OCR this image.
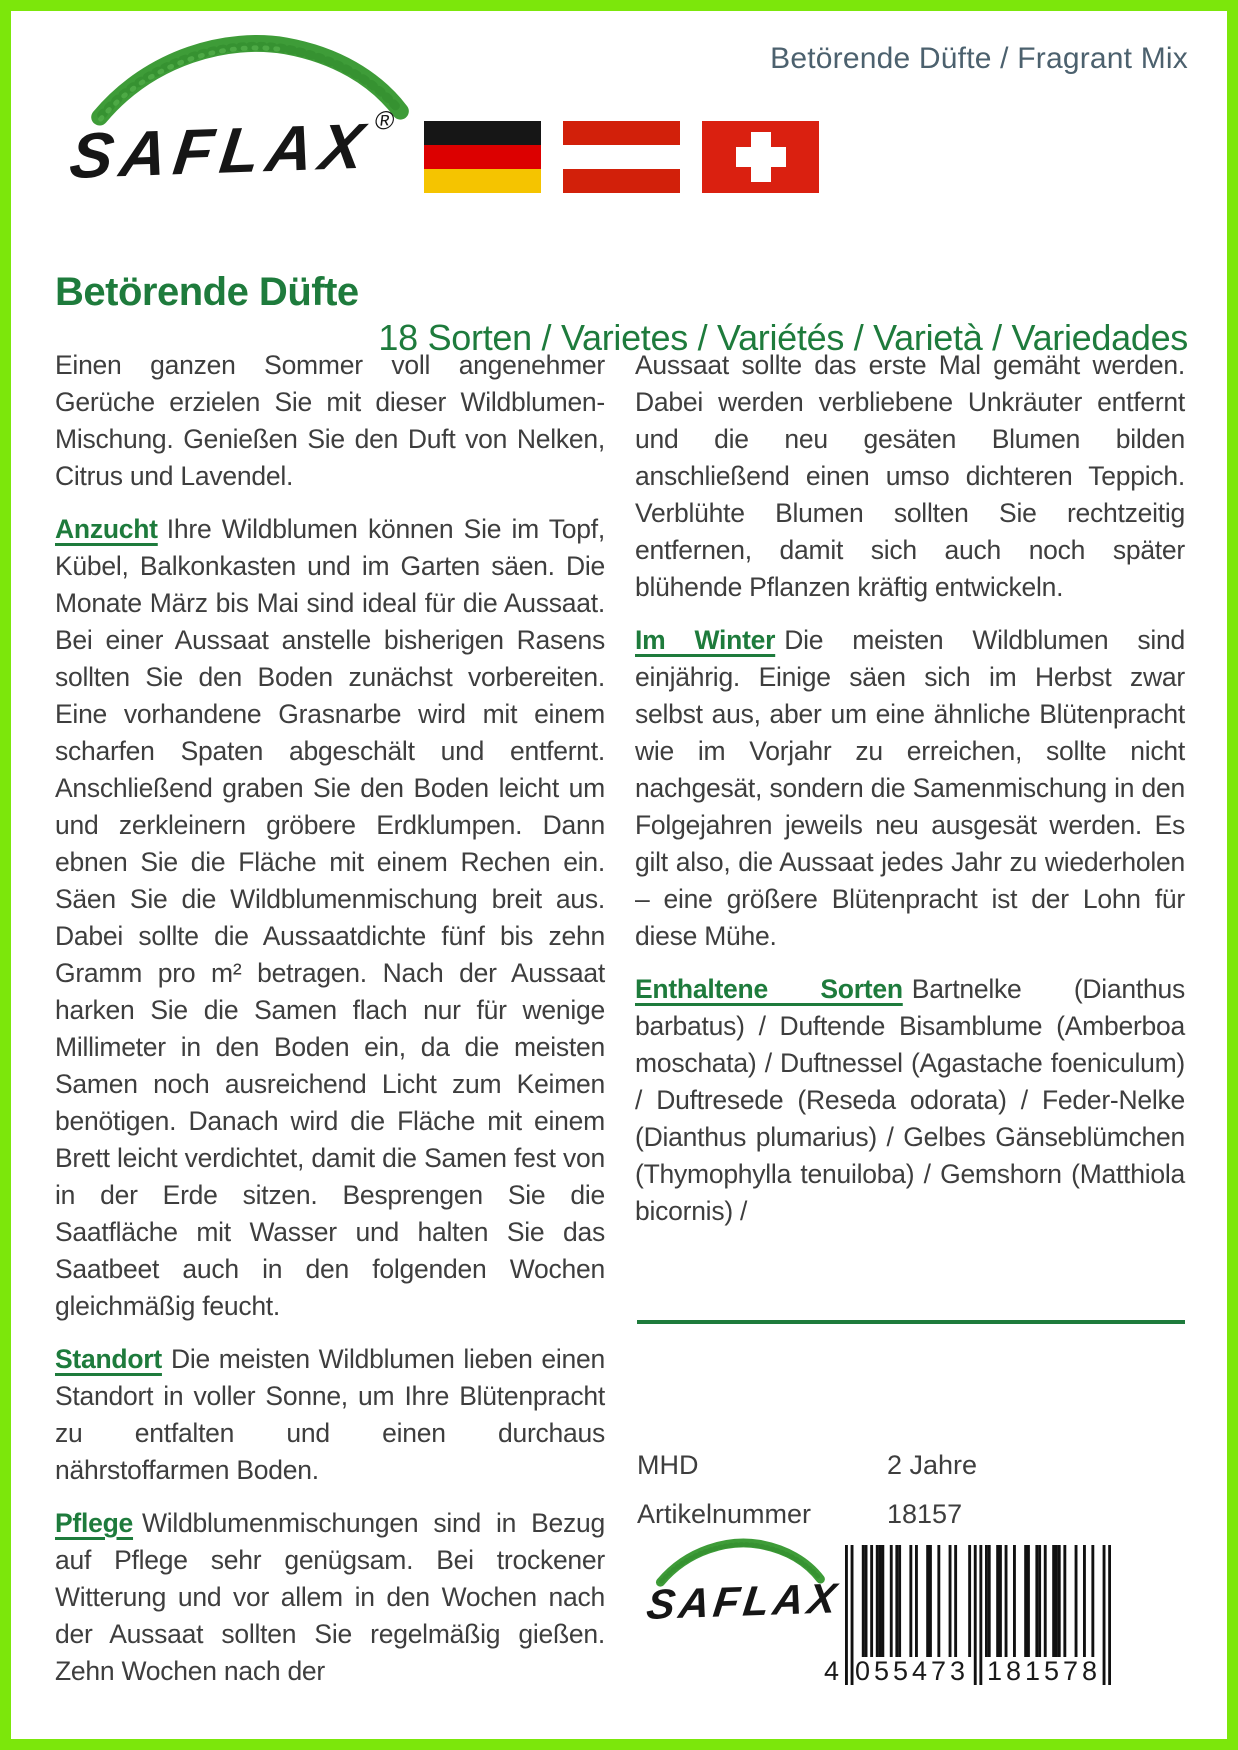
Betörende Düfte / Fragrant Mix
SAFLAX®
Betörende Düfte
18 Sorten / Varietes / Variétés / Varietà / Variedades

Einen ganzen Sommer voll angenehmer Gerüche erzielen Sie mit dieser Wildblumen-Mischung. Genießen Sie den Duft von Nelken, Citrus und Lavendel.

Anzucht Ihre Wildblumen können Sie im Topf, Kübel, Balkonkasten und im Garten säen. Die Monate März bis Mai sind ideal für die Aussaat. Bei einer Aussaat anstelle bisherigen Rasens sollten Sie den Boden zunächst vorbereiten. Eine vorhandene Grasnarbe wird mit einem scharfen Spaten abgeschält und entfernt. Anschließend graben Sie den Boden leicht um und zerkleinern gröbere Erdklumpen. Dann ebnen Sie die Fläche mit einem Rechen ein. Säen Sie die Wildblumenmischung breit aus. Dabei sollte die Aussaatdichte fünf bis zehn Gramm pro m² betragen. Nach der Aussaat harken Sie die Samen flach nur für wenige Millimeter in den Boden ein, da die meisten Samen noch ausreichend Licht zum Keimen benötigen. Danach wird die Fläche mit einem Brett leicht verdichtet, damit die Samen fest von in der Erde sitzen. Besprengen Sie die Saatfläche mit Wasser und halten Sie das Saatbeet auch in den folgenden Wochen gleichmäßig feucht.

Standort Die meisten Wildblumen lieben einen Standort in voller Sonne, um Ihre Blütenpracht zu entfalten und einen durchaus nährstoffarmen Boden.

Pflege Wildblumenmischungen sind in Bezug auf Pflege sehr genügsam. Bei trockener Witterung und vor allem in den Wochen nach der Aussaat sollten Sie regelmäßig gießen. Zehn Wochen nach der

Aussaat sollte das erste Mal gemäht werden. Dabei werden verbliebene Unkräuter entfernt und die neu gesäten Blumen bilden anschließend einen umso dichteren Teppich. Verblühte Blumen sollten Sie rechtzeitig entfernen, damit sich auch noch später blühende Pflanzen kräftig entwickeln.

Im Winter Die meisten Wildblumen sind einjährig. Einige säen sich im Herbst zwar selbst aus, aber um eine ähnliche Blütenpracht wie im Vorjahr zu erreichen, sollte nicht nachgesät, sondern die Samenmischung in den Folgejahren jeweils neu ausgesät werden. Es gilt also, die Aussaat jedes Jahr zu wiederholen – eine größere Blütenpracht ist der Lohn für diese Mühe.

Enthaltene Sorten Bartnelke (Dianthus barbatus) / Duftende Bisamblume (Amberboa moschata) / Duftnessel (Agastache foeniculum) / Duftresede (Reseda odorata) / Feder-Nelke (Dianthus plumarius) / Gelbes Gänseblümchen (Thymophylla tenuiloba) / Gemshorn (Matthiola bicornis) /

MHD	2 Jahre
Artikelnummer	18157
SAFLAX
4 055473 181578
